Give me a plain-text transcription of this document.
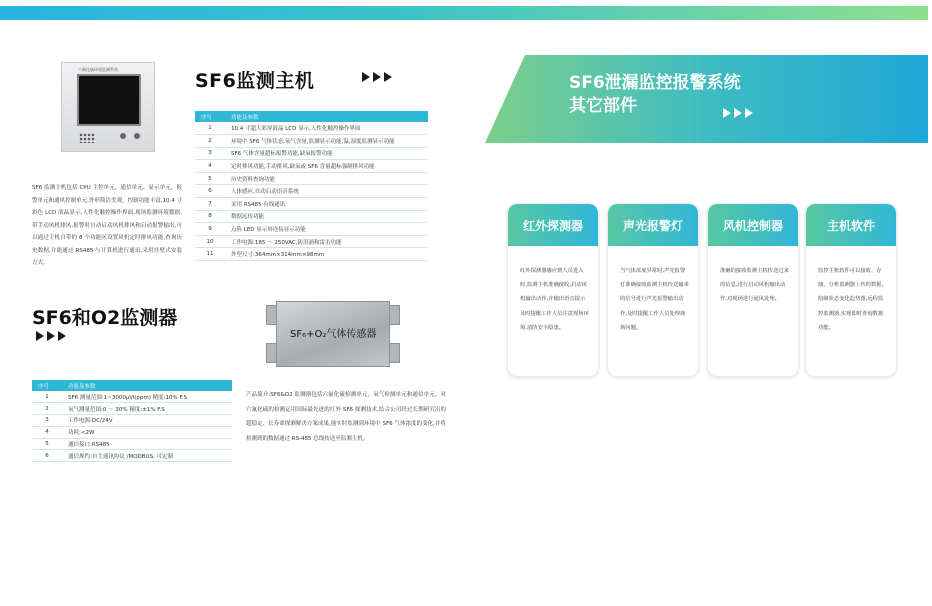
六氟化硫环境监测系统
SF6监测主机

SF6 监测主机包括 CPU 主控单元、通信单元、显示单元、报警单元和通风控制单元,外形简洁美观。控制功能丰富,10.4 寸彩色 LCD 液晶显示,人性化触控操作界面,现场监测环境数据,带手动风机排风,报警时自动启动风机排风和启动报警输出,可以通过主机自带的 8 个功能区设置风机定时排风功能,查询历史数据,并能通过 RS485 与计算机进行通讯,采用挂壁式安装方式。

序号	功能及参数
1	10.4 寸超大彩屏液晶 LCD 显示,人性化触控操作界面
2	环境中 SF6 气体状态,氧气含量,监测显示功能,温,湿度监测显示功能
3	SF6 气体含量超标报警功能,缺氧报警功能
4	定时排风功能,手动排风,缺氧或 SF6 含量超标强制排风功能
5	历史资料查询功能
6	人体感应,自动启动语音系统
7	采用 RS485 有线通讯
8	数据远传功能
9	点阵 LED 显示屏连接显示功能
10	工作电源:185 ～ 250VAC,防浪涌和雷击功能
11	外型尺寸:364mm×314mm×98mm
SF6和O2监测器
SF₆+O₂气体传感器
序号	功能及参数
1	SF6 测量范围:1~3000μl/l(ppm) 精度:10% F.S
2	氧气测量范围:0 ～ 30% 精度:±1% F.S
3	工作电源:DC/24V
4	功耗:<2W
5	通信接口:RS485
6	通信规约:自主通讯协议 /MODBUS, 可定制

产品简介:SF6&O2 监测器包括六氟化硫检测单元、氧气检测单元和通信单元。对六氟化硫的检测运用国际最先进的红外 SF6 探测技术,结合公司经过长期研究出的超稳定、长寿命探测解决方案成果,能实时监测到环境中 SF6 气体浓度的变化,并将检测到的数据通过 RS-485 总线传送至监测主机。

SF6泄漏监控报警系统
其它部件
红外探测器
红外探测器感应到人员进入时,监测主机准确接收,启动风机输出动作,并输出语音提示及时提醒工作人员注意现场环境,消防安全隐患。
声光报警灯
当气体浓度异常时,声光报警灯准确接收监测主机传送输来的信号进行声光报警输出动作,及时提醒工作人员处理现场问题。
风机控制器
准确的接收监测主机传送过来的信息,进行启动风机输出动作,对现场进行通风处理。
主机软件
监控主机软件可以接收、存储、分析监测器上传的数据,绘制状态变化趋势图,远程监控监测器,实现即时查询数据功能。
